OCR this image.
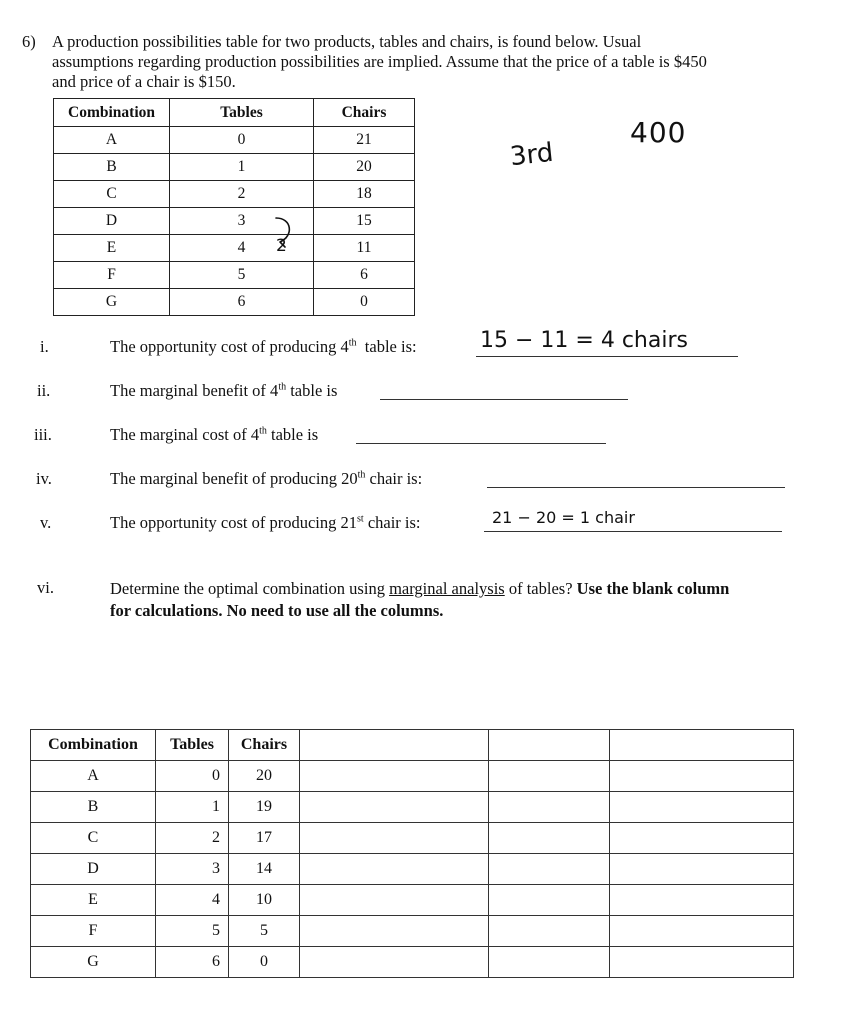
6) A production possibilities table for two products, tables and chairs, is found below. Usual
assumptions regarding production possibilities are implied. Assume that the price of a table is $450
and price of a chair is $150.
Combination	Tables	Chairs
A	0	21
B	1	20
C	2	18
D	3	15
E	4	11
F	5	6
G	6	0
2
3rd
400
i.	The opportunity cost of producing 4th  table is:	15 − 11 = 4 chairs
ii.	The marginal benefit of 4th table is
iii.	The marginal cost of 4th table is
iv.	The marginal benefit of producing 20th chair is:
v.	The opportunity cost of producing 21st chair is:	21 − 20 = 1 chair
vi.	Determine the optimal combination using marginal analysis of tables? Use the blank column
for calculations. No need to use all the columns.
Combination	Tables	Chairs			
A	0	20			
B	1	19			
C	2	17			
D	3	14			
E	4	10			
F	5	5			
G	6	0			
